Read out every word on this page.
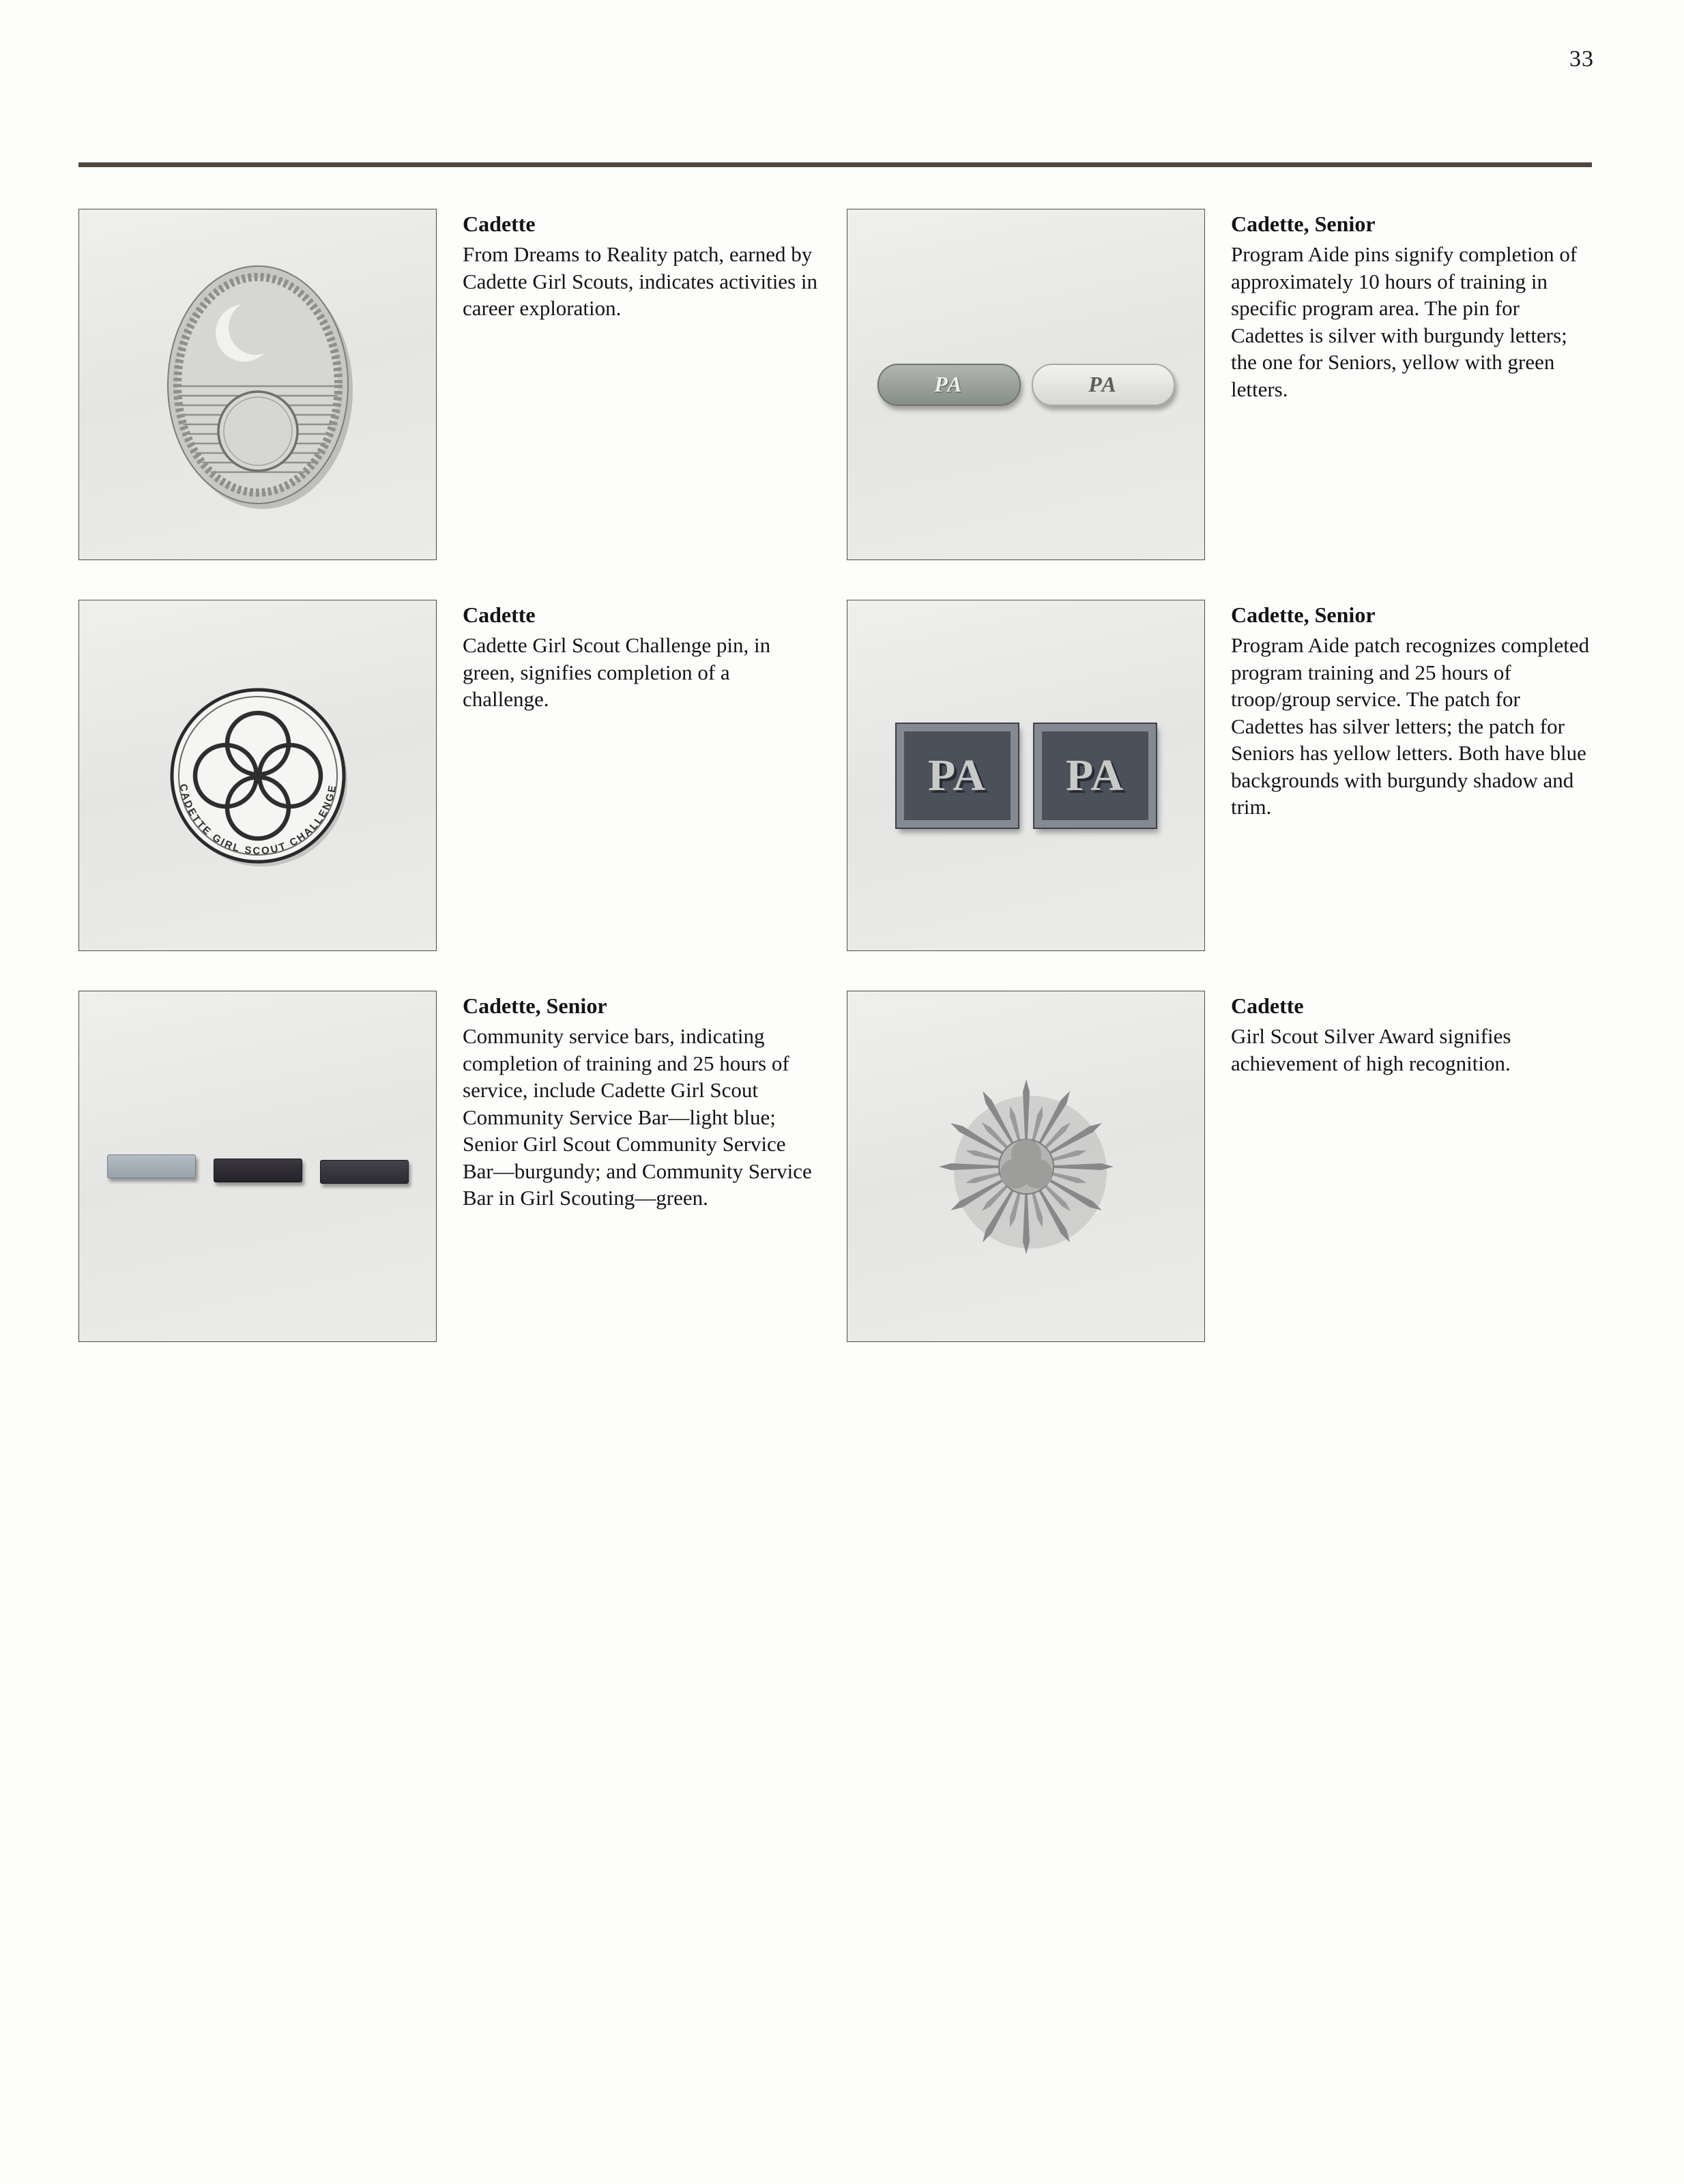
33
Cadette

From Dreams to Reality patch, earned by Cadette Girl Scouts, indicates activities in career exploration.

PA	PA
Cadette, Senior

Program Aide pins signify completion of approximately 10 hours of training in specific program area. The pin for Cadettes is silver with burgundy letters; the one for Seniors, yellow with green letters.

CADETTE GIRL SCOUT CHALLENGE
Cadette

Cadette Girl Scout Challenge pin, in green, signifies completion of a challenge.

PA PA
Cadette, Senior

Program Aide patch recognizes completed program training and 25 hours of troop/group service. The patch for Cadettes has silver letters; the patch for Seniors has yellow letters. Both have blue backgrounds with burgundy shadow and trim.

Cadette, Senior

Community service bars, indicating completion of training and 25 hours of service, include Cadette Girl Scout Community Service Bar—light blue; Senior Girl Scout Community Service Bar—burgundy; and Community Service Bar in Girl Scouting—green.

Cadette

Girl Scout Silver Award signifies achievement of high recognition.
